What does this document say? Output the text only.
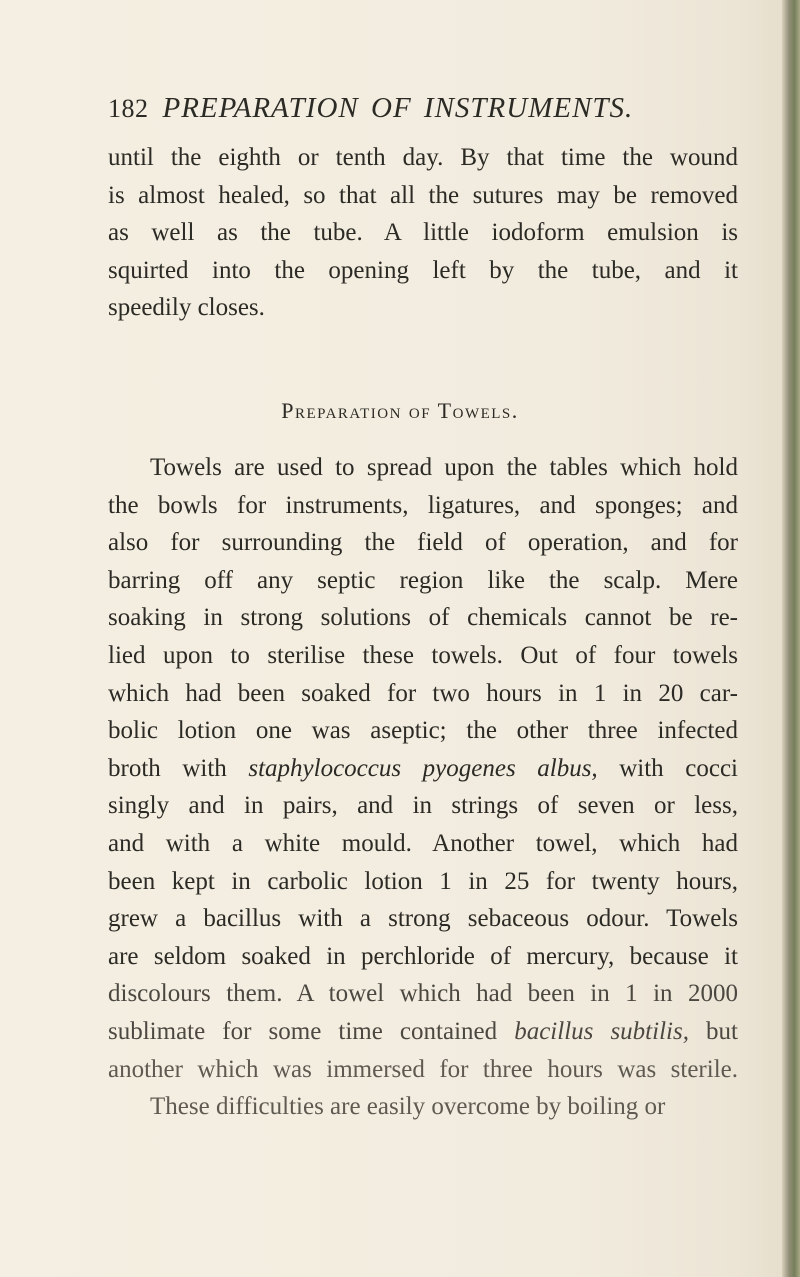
182 PREPARATION OF INSTRUMENTS.
until the eighth or tenth day. By that time the wound
is almost healed, so that all the sutures may be removed
as well as the tube. A little iodoform emulsion is
squirted into the opening left by the tube, and it
speedily closes.
Preparation of Towels.
Towels are used to spread upon the tables which hold
the bowls for instruments, ligatures, and sponges; and
also for surrounding the field of operation, and for
barring off any septic region like the scalp. Mere
soaking in strong solutions of chemicals cannot be re-
lied upon to sterilise these towels. Out of four towels
which had been soaked for two hours in 1 in 20 car-
bolic lotion one was aseptic; the other three infected
broth with staphylococcus pyogenes albus, with cocci
singly and in pairs, and in strings of seven or less,
and with a white mould. Another towel, which had
been kept in carbolic lotion 1 in 25 for twenty hours,
grew a bacillus with a strong sebaceous odour. Towels
are seldom soaked in perchloride of mercury, because it
discolours them. A towel which had been in 1 in 2000
sublimate for some time contained bacillus subtilis, but
another which was immersed for three hours was sterile.
These difficulties are easily overcome by boiling or
